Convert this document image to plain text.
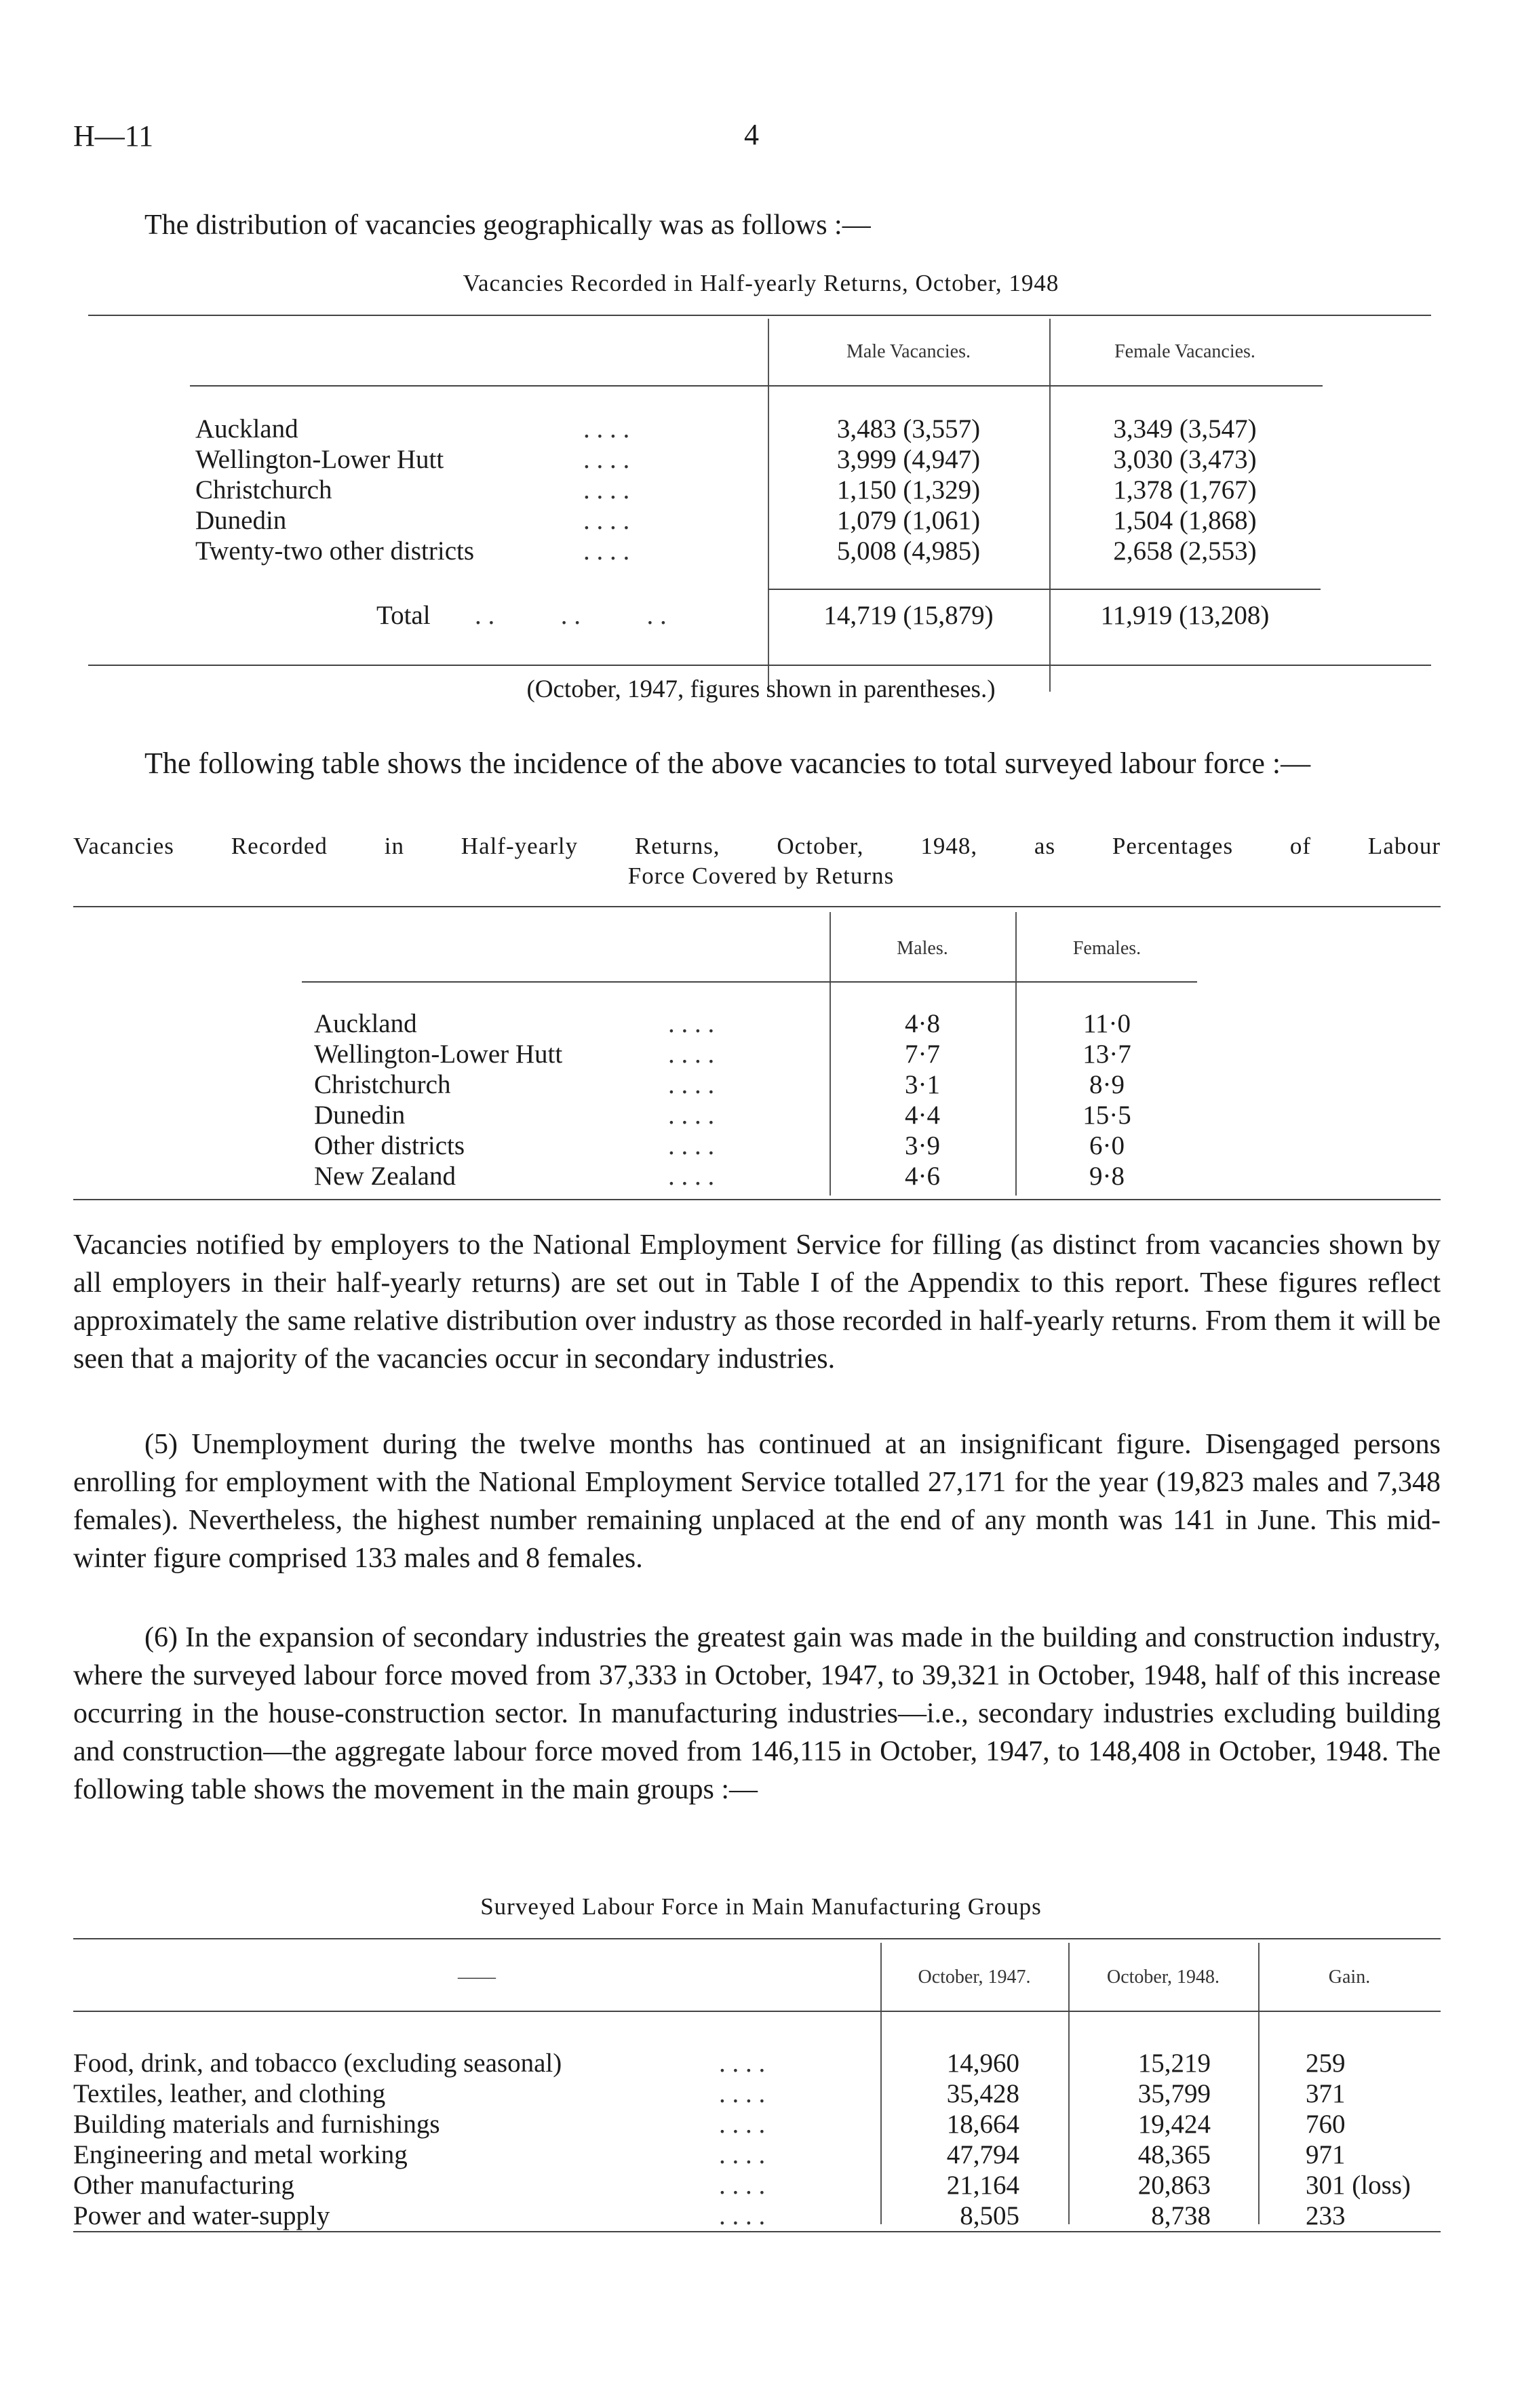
H—11	4
The distribution of vacancies geographically was as follows :—
Vacancies Recorded in Half-yearly Returns, October, 1948
Male Vacancies.	Female Vacancies.
Auckland	. . . .	3,483 (3,557)	3,349 (3,547)
Wellington-Lower Hutt	. . . .	3,999 (4,947)	3,030 (3,473)
Christchurch	. . . .	1,150 (1,329)	1,378 (1,767)
Dunedin	. . . .	1,079 (1,061)	1,504 (1,868)
Twenty-two other districts	. . . .	5,008 (4,985)	2,658 (2,553)
Total . .          . .          . .	14,719 (15,879)	11,919 (13,208)
(October, 1947, figures shown in parentheses.)

The following table shows the incidence of the above vacancies to total surveyed labour force :—

Vacancies Recorded in Half-yearly Returns, October, 1948, as Percentages of Labour
Force Covered by Returns
Males.	Females.
Auckland	. . . .	4·8	11·0
Wellington-Lower Hutt	. . . .	7·7	13·7
Christchurch	. . . .	3·1	8·9
Dunedin	. . . .	4·4	15·5
Other districts	. . . .	3·9	6·0
New Zealand	. . . .	4·6	9·8

Vacancies notified by employers to the National Employment Service for filling (as distinct from vacancies shown by all employers in their half-yearly returns) are set out in Table I of the Appendix to this report. These figures reflect approximately the same relative distribution over industry as those recorded in half-yearly returns. From them it will be seen that a majority of the vacancies occur in secondary industries.

(5) Unemployment during the twelve months has continued at an insignificant figure. Disengaged persons enrolling for employment with the National Employment Service totalled 27,171 for the year (19,823 males and 7,348 females). Nevertheless, the highest number remaining unplaced at the end of any month was 141 in June. This mid-winter figure comprised 133 males and 8 females.

(6) In the expansion of secondary industries the greatest gain was made in the building and construction industry, where the surveyed labour force moved from 37,333 in October, 1947, to 39,321 in October, 1948, half of this increase occurring in the house-construction sector. In manufacturing industries—i.e., secondary industries excluding building and construction—the aggregate labour force moved from 146,115 in October, 1947, to 148,408 in October, 1948. The following table shows the movement in the main groups :—

Surveyed Labour Force in Main Manufacturing Groups
——	October, 1947.	October, 1948.	Gain.
Food, drink, and tobacco (excluding seasonal)	. . . .	14,960	15,219	259
Textiles, leather, and clothing	. . . .	35,428	35,799	371
Building materials and furnishings	. . . .	18,664	19,424	760
Engineering and metal working	. . . .	47,794	48,365	971
Other manufacturing	. . . .	21,164	20,863	301 (loss)
Power and water-supply	. . . .	8,505	8,738	233
